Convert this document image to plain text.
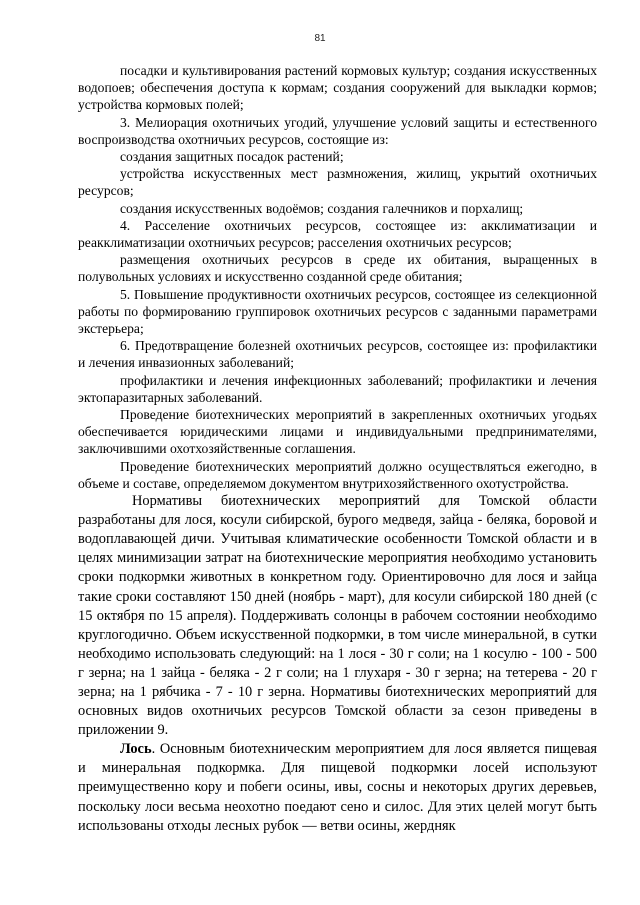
81

посадки и культивирования растений кормовых культур; создания искусственных водопоев; обеспечения доступа к кормам; создания сооружений для выкладки кормов; устройства кормовых полей;

3. Мелиорация охотничьих угодий, улучшение условий защиты и естественного воспроизводства охотничьих ресурсов, состоящие из:

создания защитных посадок растений;

устройства искусственных мест размножения, жилищ, укрытий охотничьих ресурсов;

создания искусственных водоёмов; создания галечников и порхалищ;

4. Расселение охотничьих ресурсов, состоящее из: акклиматизации и реакклиматизации охотничьих ресурсов; расселения охотничьих ресурсов;

размещения охотничьих ресурсов в среде их обитания, выращенных в полувольных условиях и искусственно созданной среде обитания;

5. Повышение продуктивности охотничьих ресурсов, состоящее из селекционной работы по формированию группировок охотничьих ресурсов с заданными параметрами экстерьера;

6. Предотвращение болезней охотничьих ресурсов, состоящее из: профилактики и лечения инвазионных заболеваний;

профилактики и лечения инфекционных заболеваний; профилактики и лечения эктопаразитарных заболеваний.

Проведение биотехнических мероприятий в закрепленных охотничьих угодьях обеспечивается юридическими лицами и индивидуальными предпринимателями, заключившими охотхозяйственные соглашения.

Проведение биотехнических мероприятий должно осуществляться ежегодно, в объеме и составе, определяемом документом внутрихозяйственного охотустройства.

Нормативы биотехнических мероприятий для Томской области разработаны для лося, косули сибирской, бурого медведя, зайца - беляка, боровой и водоплавающей дичи. Учитывая климатические особенности Томской области и в целях минимизации затрат на биотехнические мероприятия необходимо установить сроки подкормки животных в конкретном году. Ориентировочно для лося и зайца такие сроки составляют 150 дней (ноябрь - март), для косули сибирской 180 дней (с 15 октября по 15 апреля). Поддерживать солонцы в рабочем состоянии необходимо круглогодично. Объем искусственной подкормки, в том числе минеральной, в сутки необходимо использовать следующий: на 1 лося - 30 г соли; на 1 косулю - 100 - 500 г зерна; на 1 зайца - беляка - 2 г соли; на 1 глухаря - 30 г зерна; на тетерева - 20 г зерна; на 1 рябчика - 7 - 10 г зерна. Нормативы биотехнических мероприятий для основных видов охотничьих ресурсов Томской области за сезон приведены в приложении 9.

Лось. Основным биотехническим мероприятием для лося является пищевая и минеральная подкормка. Для пищевой подкормки лосей используют преимущественно кору и побеги осины, ивы, сосны и некоторых других деревьев, поскольку лоси весьма неохотно поедают сено и силос. Для этих целей могут быть использованы отходы лесных рубок — ветви осины, жердняк
